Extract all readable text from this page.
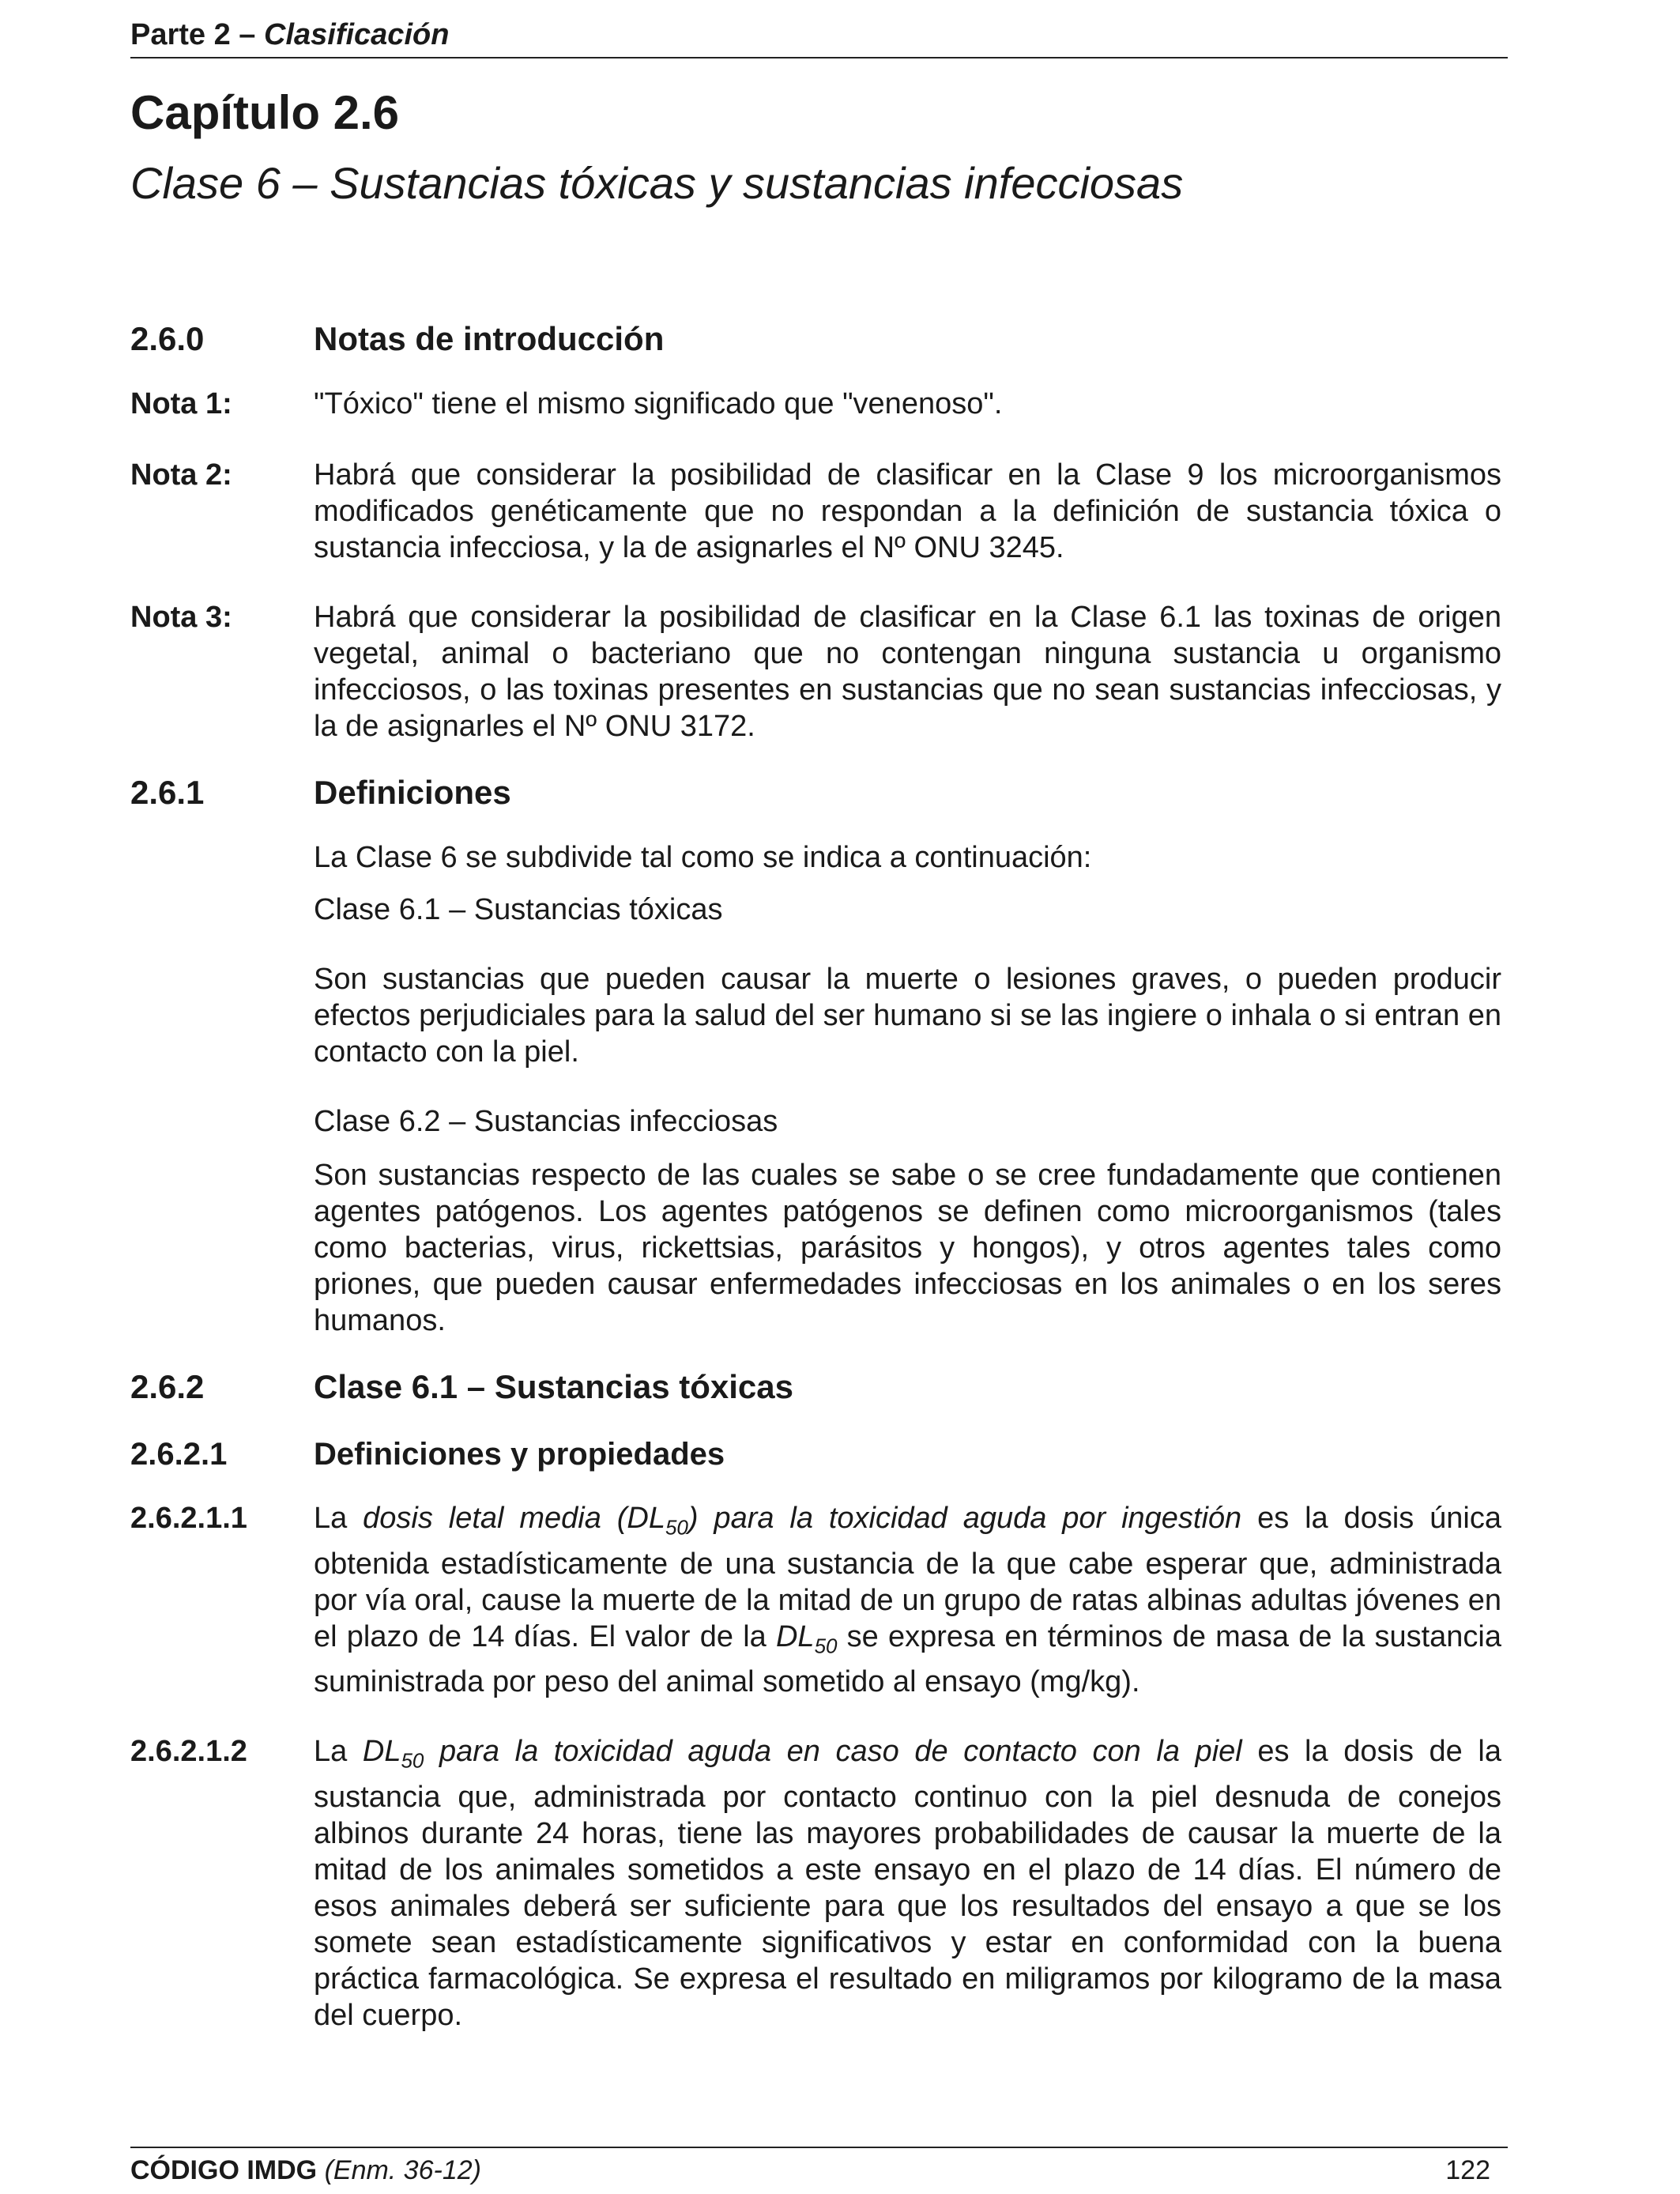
Parte 2 – Clasificación
Capítulo 2.6
Clase 6 – Sustancias tóxicas y sustancias infecciosas
2.6.0	Notas de introducción
Nota 1:	"Tóxico" tiene el mismo significado que "venenoso".
Nota 2:	Habrá que considerar la posibilidad de clasificar en la Clase 9 los microorganismos modificados genéticamente que no respondan a la definición de sustancia tóxica o sustancia infecciosa, y la de asignarles el Nº ONU 3245.
Nota 3:	Habrá que considerar la posibilidad de clasificar en la Clase 6.1 las toxinas de origen vegetal, animal o bacteriano que no contengan ninguna sustancia u organismo infecciosos, o las toxinas presentes en sustancias que no sean sustancias infecciosas, y la de asignarles el Nº ONU 3172.
2.6.1	Definiciones

La Clase 6 se subdivide tal como se indica a continuación:

Clase 6.1 – Sustancias tóxicas

Son sustancias que pueden causar la muerte o lesiones graves, o pueden producir efectos perjudiciales para la salud del ser humano si se las ingiere o inhala o si entran en contacto con la piel.

Clase 6.2 – Sustancias infecciosas

Son sustancias respecto de las cuales se sabe o se cree fundadamente que contienen agentes patógenos. Los agentes patógenos se definen como microorganismos (tales como bacterias, virus, rickettsias, parásitos y hongos), y otros agentes tales como priones, que pueden causar enfermedades infecciosas en los animales o en los seres humanos.

2.6.2	Clase 6.1 – Sustancias tóxicas
2.6.2.1	Definiciones y propiedades
2.6.2.1.1	La dosis letal media $(DL_{50})$ para la toxicidad aguda por ingestión es la dosis única obtenida estadísticamente de una sustancia de la que cabe esperar que, administrada por vía oral, cause la muerte de la mitad de un grupo de ratas albinas adultas jóvenes en el plazo de 14 días. El valor de la $DL_{50}$ se expresa en términos de masa de la sustancia suministrada por peso del animal sometido al ensayo (mg/kg).
2.6.2.1.2	La $DL_{50}$ para la toxicidad aguda en caso de contacto con la piel es la dosis de la sustancia que, administrada por contacto continuo con la piel desnuda de conejos albinos durante 24 horas, tiene las mayores probabilidades de causar la muerte de la mitad de los animales sometidos a este ensayo en el plazo de 14 días. El número de esos animales deberá ser suficiente para que los resultados del ensayo a que se los somete sean estadísticamente significativos y estar en conformidad con la buena práctica farmacológica. Se expresa el resultado en miligramos por kilogramo de la masa del cuerpo.
CÓDIGO IMDG (Enm. 36-12)	122
